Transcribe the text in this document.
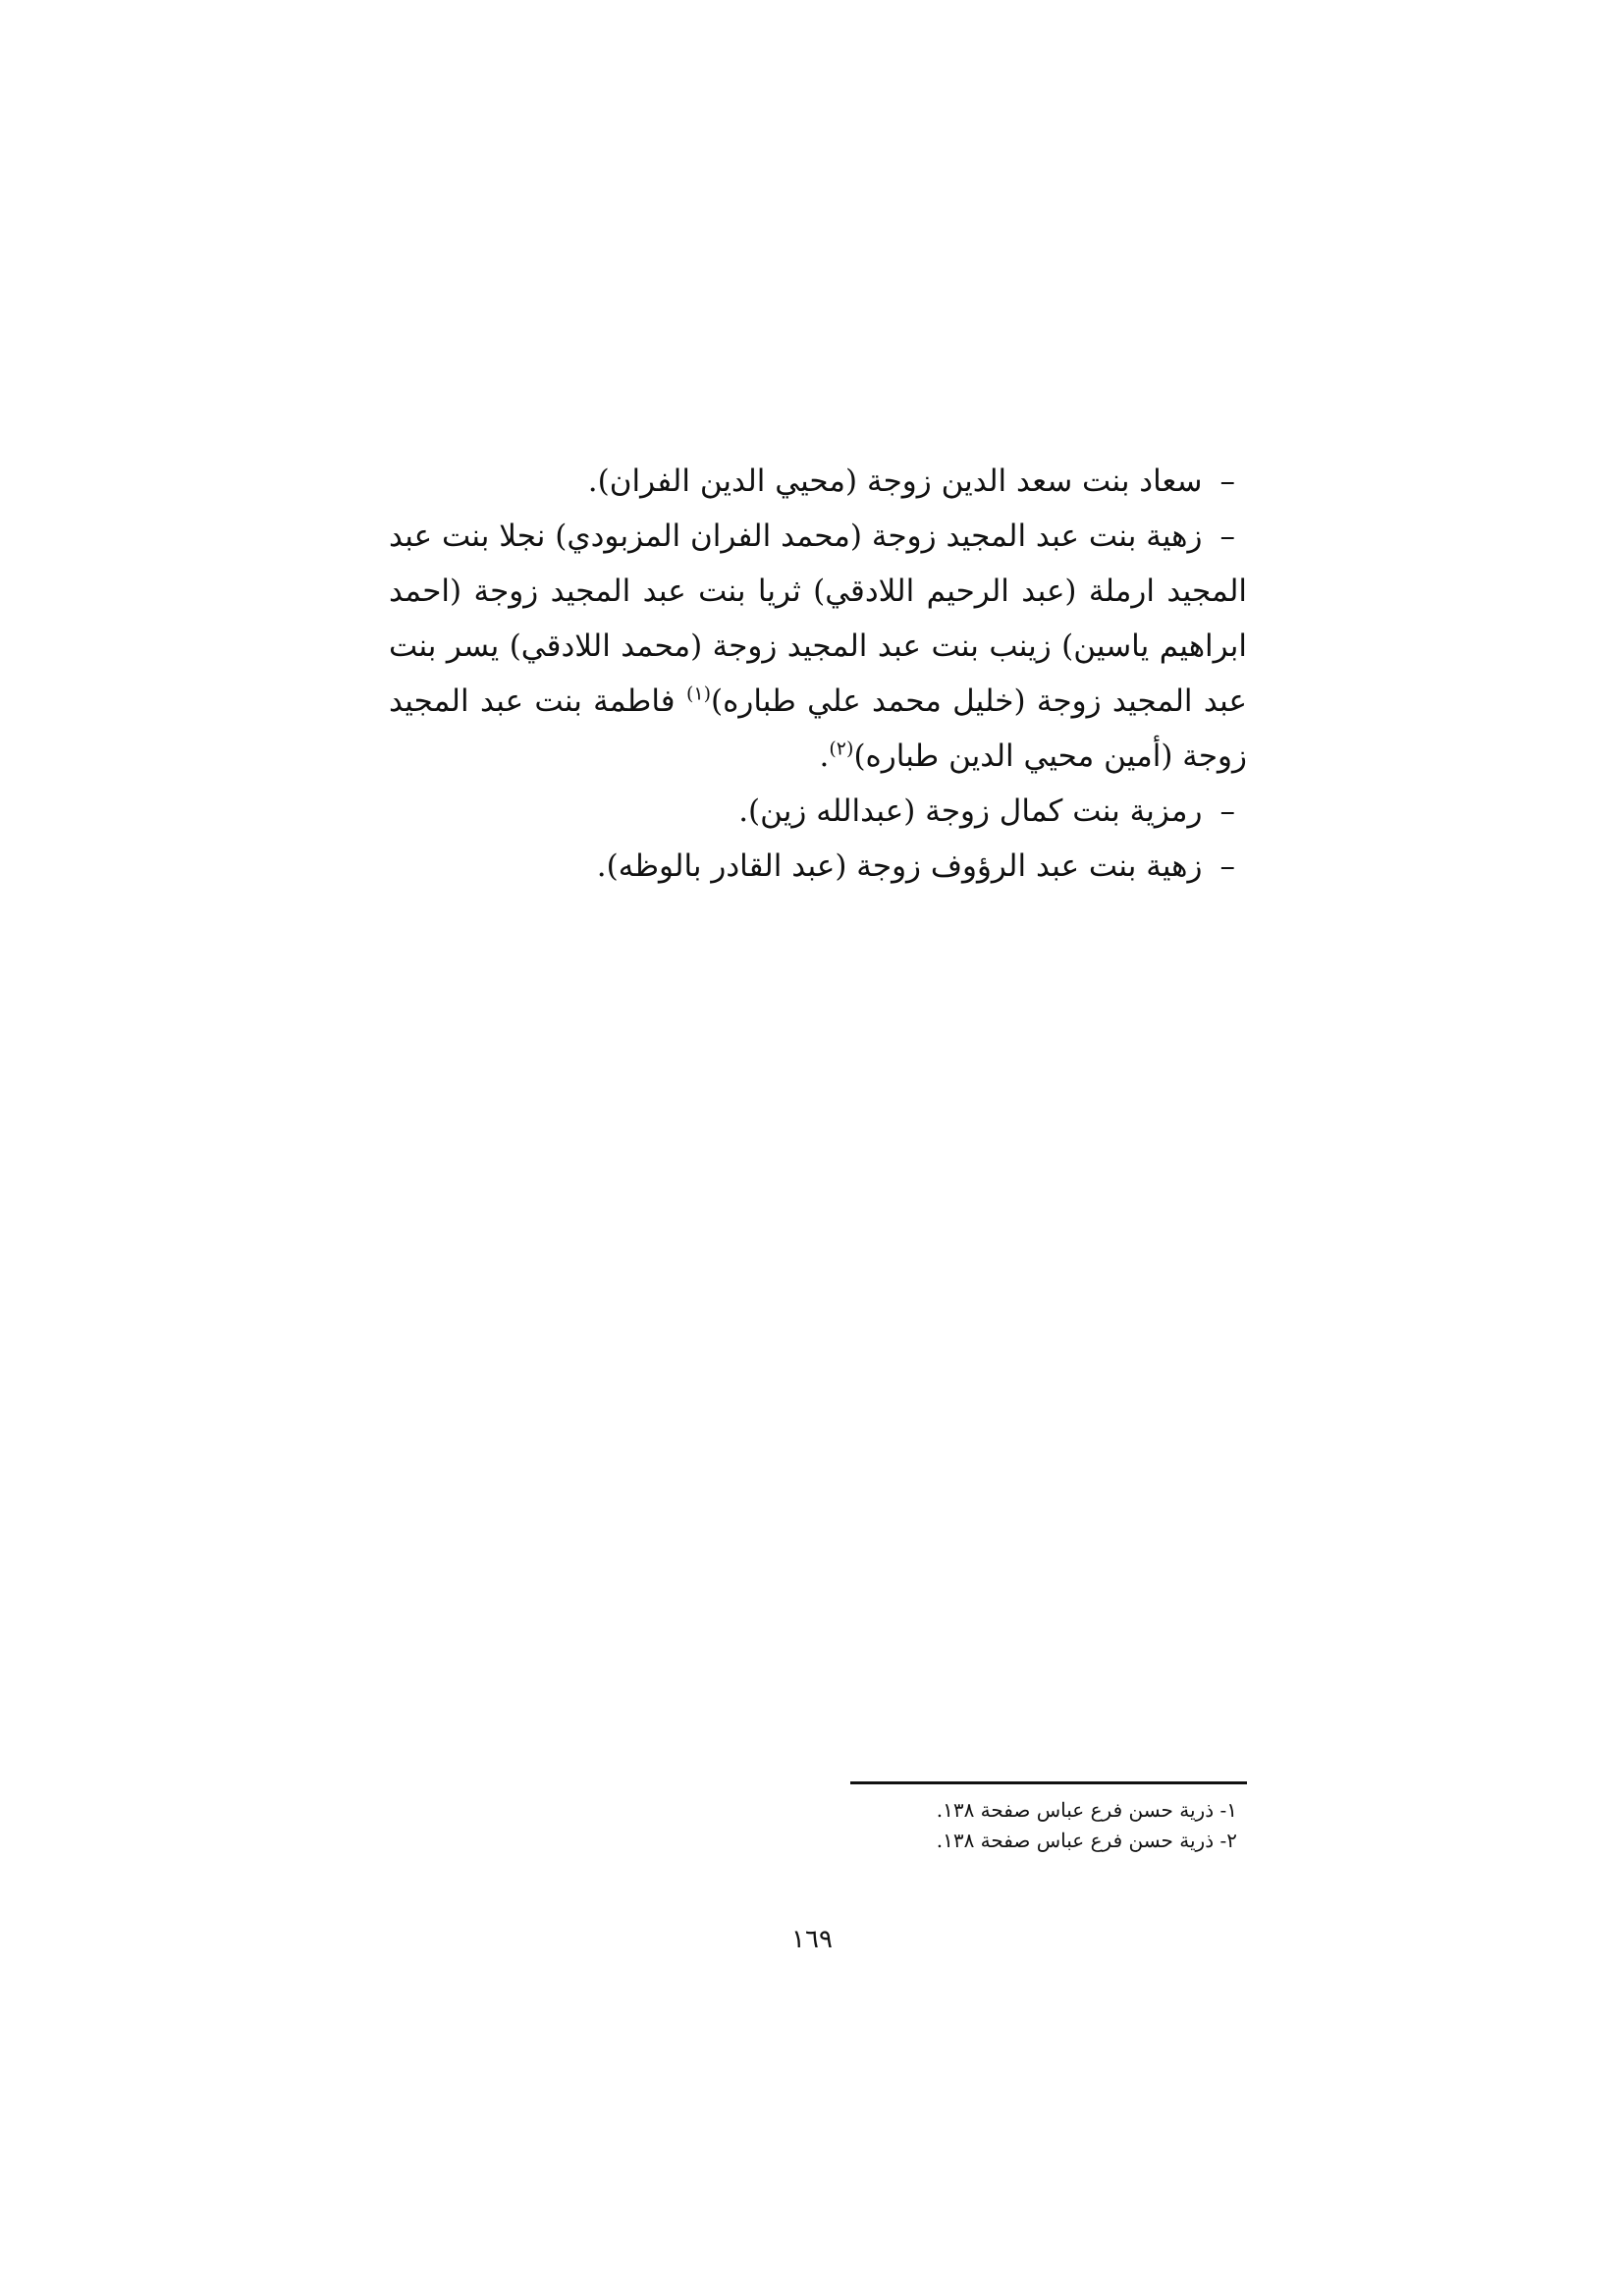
–سعاد بنت سعد الدين زوجة (محيي الدين الفران).

–زهية بنت عبد المجيد زوجة (محمد الفران المزبودي) نجلا بنت عبد المجيد ارملة (عبد الرحيم اللادقي) ثريا بنت عبد المجيد زوجة (احمد ابراهيم ياسين) زينب بنت عبد المجيد زوجة (محمد اللادقي) يسر بنت عبد المجيد زوجة (خليل محمد علي طباره)$^{(١)}$ فاطمة بنت عبد المجيد زوجة (أمين محيي الدين طباره)$^{(٢)}$.

–رمزية بنت كمال زوجة (عبدالله زين).

–زهية بنت عبد الرؤوف زوجة (عبد القادر بالوظه).

١- ذرية حسن فرع عباس صفحة ١٣٨.

٢- ذرية حسن فرع عباس صفحة ١٣٨.

١٦٩
